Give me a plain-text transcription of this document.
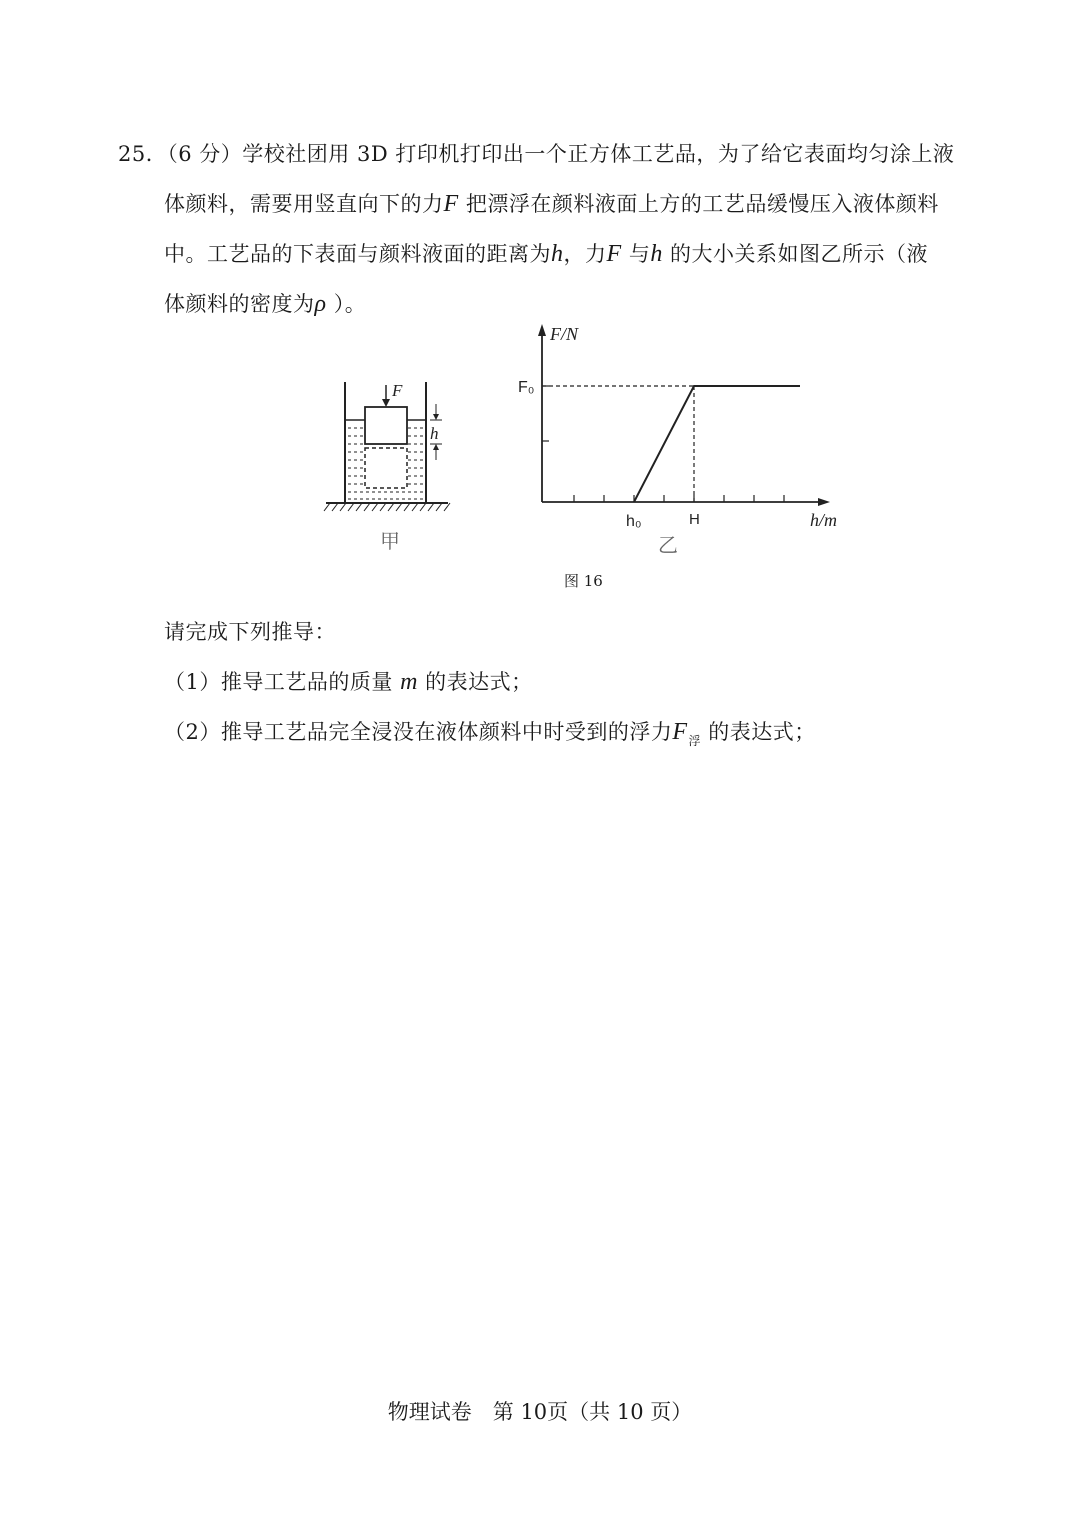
25．（6 分）学校社团用 3D 打印机打印出一个正方体工艺品，为了给它表面均匀涂上液
体颜料，需要用竖直向下的力F 把漂浮在颜料液面上方的工艺品缓慢压入液体颜料
中。工艺品的下表面与颜料液面的距离为h，力F 与h 的大小关系如图乙所示（液
体颜料的密度为ρ ）。
F
h
甲
F/N
F₀
h₀	H	h/m
乙
图 16
请完成下列推导：
（1）推导工艺品的质量 m 的表达式；
（2）推导工艺品完全浸没在液体颜料中时受到的浮力$F_浮$ 的表达式；
物理试卷　第 10页（共 10 页）
